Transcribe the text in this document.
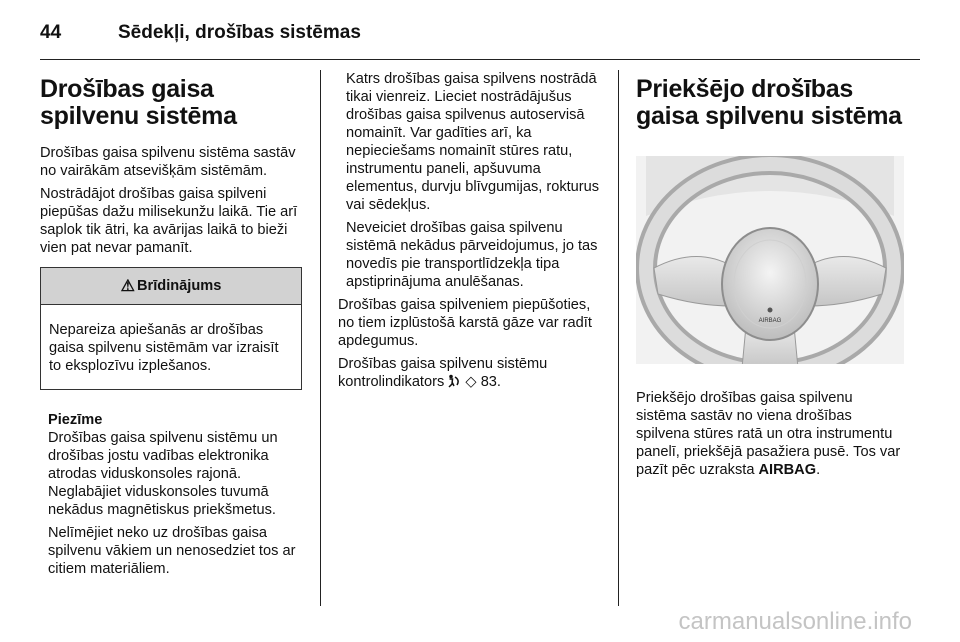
44	Sēdekļi, drošības sistēmas
Drošības gaisa spilvenu sistēma

Drošības gaisa spilvenu sistēma sastāv no vairākām atsevišķām sistēmām.

Nostrādājot drošības gaisa spilveni piepūšas dažu milisekunžu laikā. Tie arī saplok tik ātri, ka avārijas laikā to bieži vien pat nevar pamanīt.

⚠ Brīdinājums

Nepareiza apiešanās ar drošības gaisa spilvenu sistēmām var izraisīt to eksplozīvu izplešanos.

Piezīme

Drošības gaisa spilvenu sistēmu un drošības jostu vadības elektronika atrodas viduskonsoles rajonā. Neglabājiet viduskonsoles tuvumā nekādus magnētiskus priekšmetus.

Nelīmējiet neko uz drošības gaisa spilvenu vākiem un nenosedziet tos ar citiem materiāliem.

Katrs drošības gaisa spilvens nostrādā tikai vienreiz. Lieciet nostrādājušus drošības gaisa spilvenus autoservisā nomainīt. Var gadīties arī, ka nepieciešams nomainīt stūres ratu, instrumentu paneli, apšuvuma elementus, durvju blīvgumijas, rokturus vai sēdekļus.

Neveiciet drošības gaisa spilvenu sistēmā nekādus pārveidojumus, jo tas novedīs pie transportlīdzekļa tipa apstiprinājuma anulēšanas.

Drošības gaisa spilveniem piepūšoties, no tiem izplūstošā karstā gāze var radīt apdegumus.

Drošības gaisa spilvenu sistēmu kontrolindikators ◇ 83.

Priekšējo drošības gaisa spilvenu sistēma
AIRBAG

Priekšējo drošības gaisa spilvenu sistēma sastāv no viena drošības spilvena stūres ratā un otra instrumentu panelī, priekšējā pasažiera pusē. Tos var pazīt pēc uzraksta AIRBAG.

carmanualsonline.info
